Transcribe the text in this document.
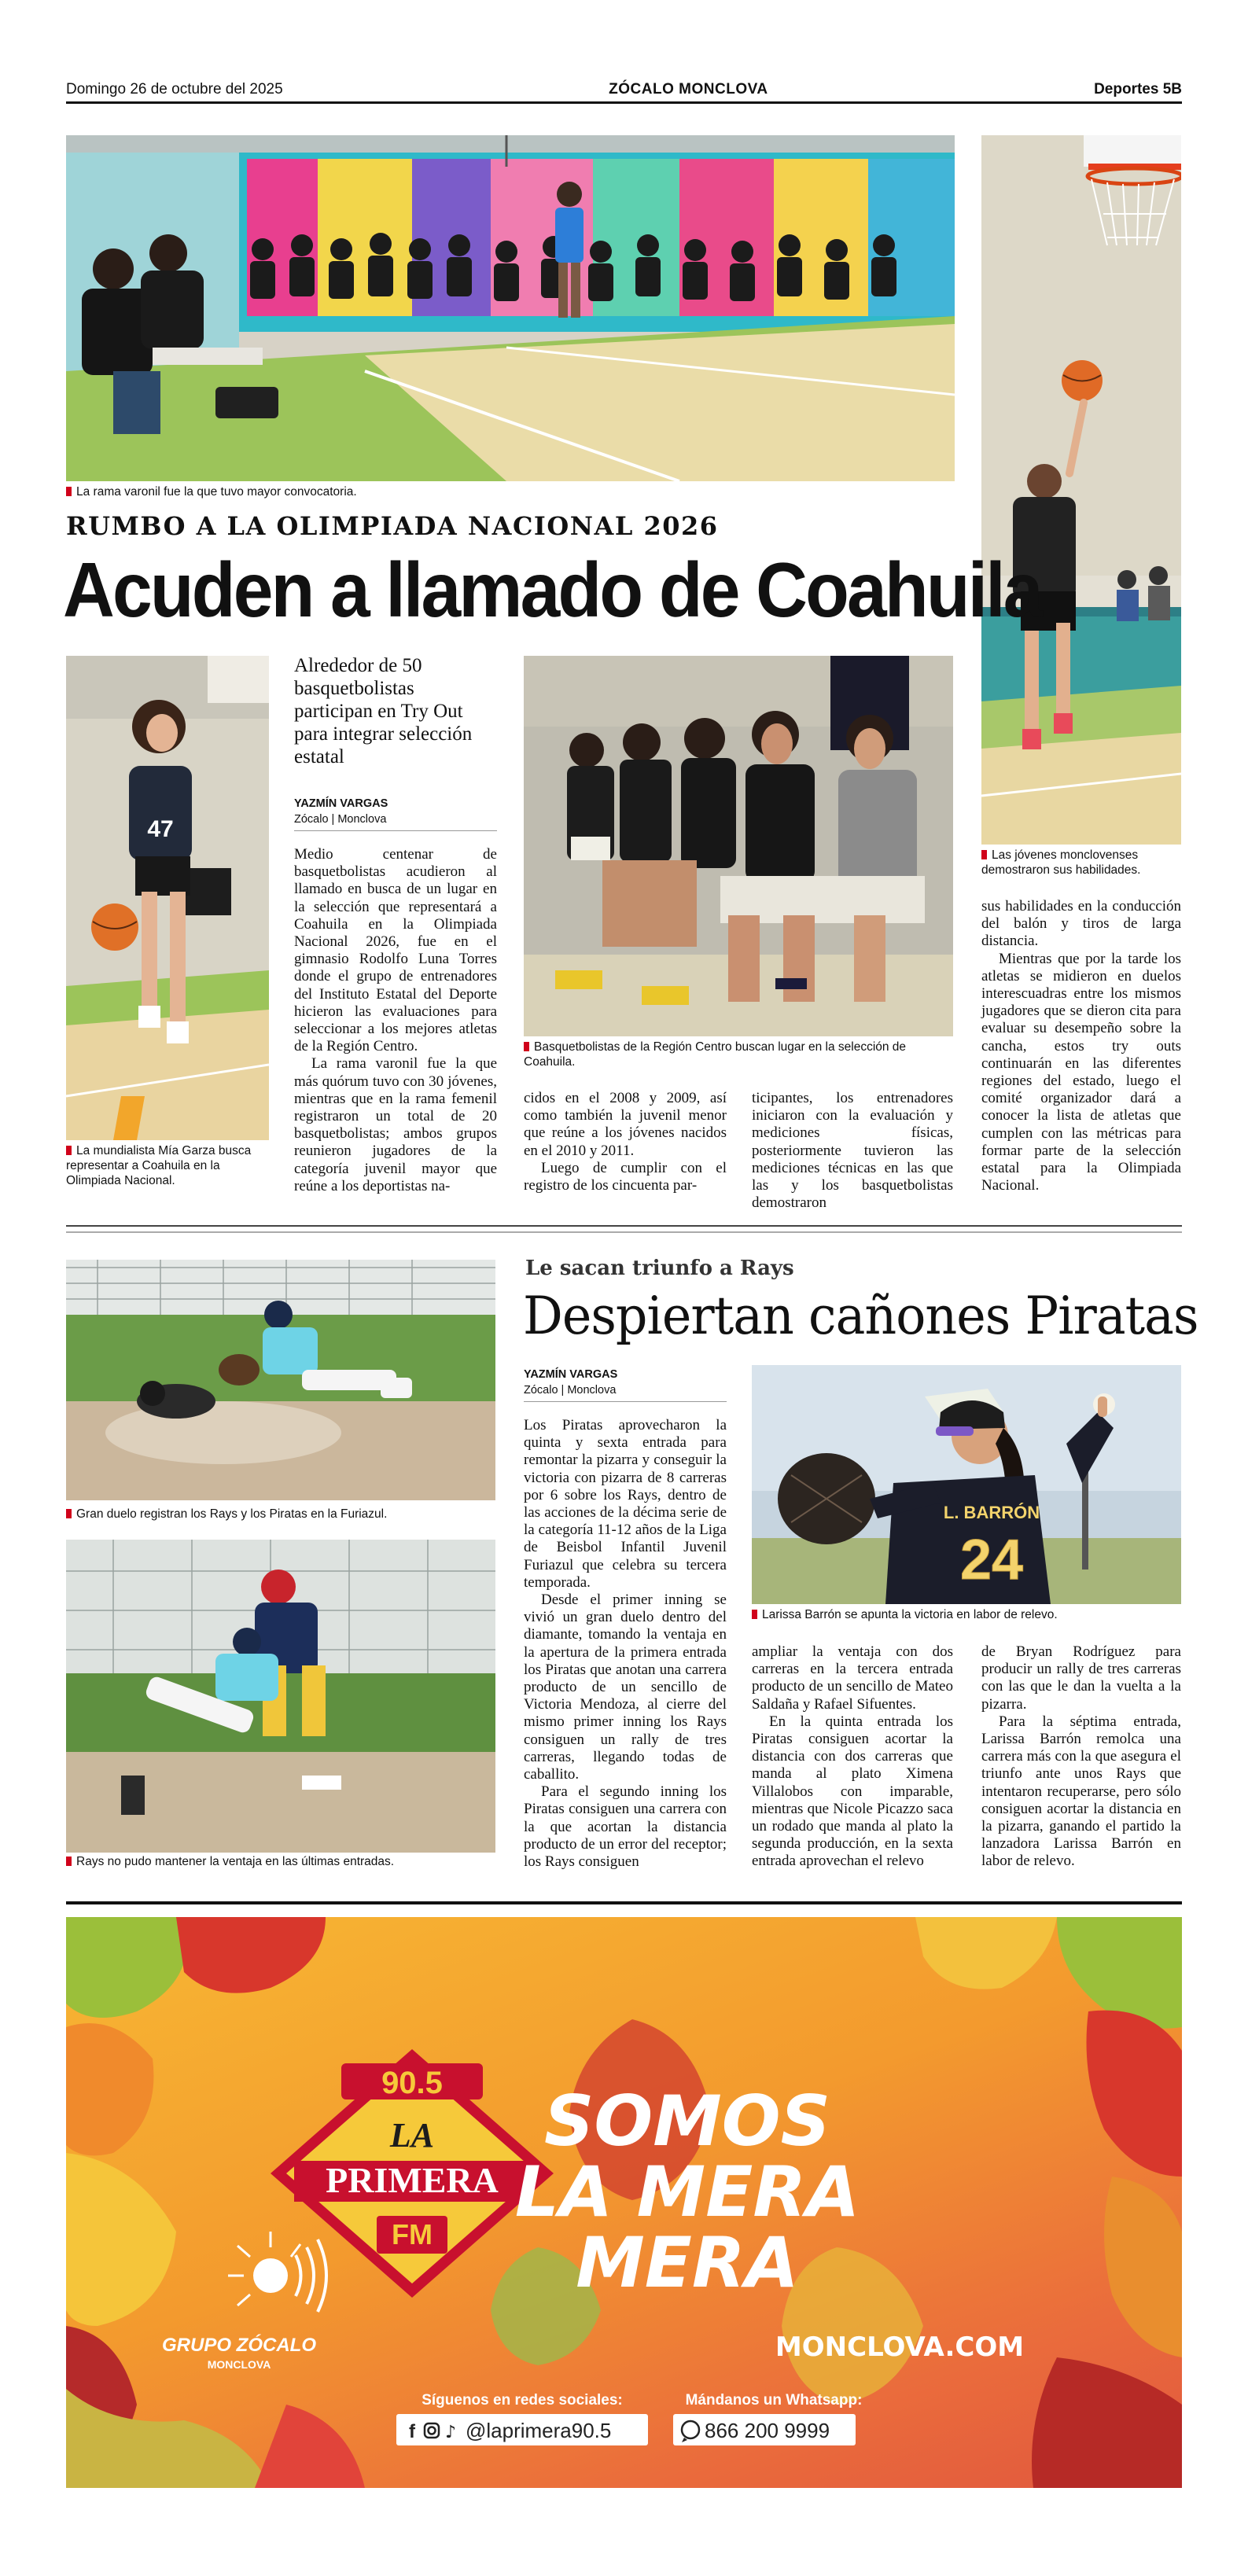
Domingo 26 de octubre del 2025	ZÓCALO MONCLOVA	Deportes 5B
La rama varonil fue la que tuvo mayor convocatoria.
Las jóvenes monclovenses demostraron sus habilidades.
RUMBO A LA OLIMPIADA NACIONAL 2026
Acuden a llamado de Coahuila
47
La mundialista Mía Garza busca representar a Coahuila en la Olimpiada Nacional.
Alrededor de 50 basquetbolistas participan en Try Out para integrar selección estatal
YAZMÍN VARGAS
Zócalo | Monclova

Medio centenar de basquetbolistas acudieron al llamado en busca de un lugar en la selección que representará a Coahuila en la Olimpiada Nacional 2026, fue en el gimnasio Rodolfo Luna Torres donde el grupo de entrenadores del Instituto Estatal del Deporte hicieron las evaluaciones para seleccionar a los mejores atletas de la Región Centro.

La rama varonil fue la que más quórum tuvo con 30 jóvenes, mientras que en la rama femenil registraron un total de 20 basquetbolistas; ambos grupos reunieron jugadores de la categoría juvenil mayor que reúne a los deportistas na-

Basquetbolistas de la Región Centro buscan lugar en la selección de Coahuila.

cidos en el 2008 y 2009, así como también la juvenil menor que reúne a los jóvenes nacidos en el 2010 y 2011.

Luego de cumplir con el registro de los cincuenta par-

ticipantes, los entrenadores iniciaron con la evaluación y mediciones físicas, posteriormente tuvieron las mediciones técnicas en las que las y los basquetbolistas demostraron

sus habilidades en la conducción del balón y tiros de larga distancia.

Mientras que por la tarde los atletas se midieron en duelos interescuadras entre los mismos jugadores que se dieron cita para evaluar su desempeño sobre la cancha, estos try outs continuarán en las diferentes regiones del estado, luego el comité organizador dará a conocer la lista de atletas que cumplen con las métricas para formar parte de la selección estatal para la Olimpiada Nacional.

Gran duelo registran los Rays y los Piratas en la Furiazul.
Rays no pudo mantener la ventaja en las últimas entradas.
Le sacan triunfo a Rays
Despiertan cañones Piratas
YAZMÍN VARGAS
Zócalo | Monclova

Los Piratas aprovecharon la quinta y sexta entrada para remontar la pizarra y conseguir la victoria con pizarra de 8 carreras por 6 sobre los Rays, dentro de las acciones de la décima serie de la categoría 11-12 años de la Liga de Beisbol Infantil Juvenil Furiazul que celebra su tercera temporada.

Desde el primer inning se vivió un gran duelo dentro del diamante, tomando la ventaja en la apertura de la primera entrada los Piratas que anotan una carrera producto de un sencillo de Victoria Mendoza, al cierre del mismo primer inning los Rays consiguen un rally de tres carreras, llegando todas de caballito.

Para el segundo inning los Piratas consiguen una carrera con la que acortan la distancia producto de un error del receptor; los Rays consiguen

L. BARRÓN
24
Larissa Barrón se apunta la victoria en labor de relevo.

ampliar la ventaja con dos carreras en la tercera entrada producto de un sencillo de Mateo Saldaña y Rafael Sifuentes.

En la quinta entrada los Piratas consiguen acortar la distancia con dos carreras que manda al plato Ximena Villalobos con imparable, mientras que Nicole Picazzo saca un rodado que manda al plato la segunda producción, en la sexta entrada aprovechan el relevo

de Bryan Rodríguez para producir un rally de tres carreras con las que le dan la vuelta a la pizarra.

Para la séptima entrada, Larissa Barrón remolca una carrera más con la que asegura el triunfo ante unos Rays que intentaron recuperarse, pero sólo consiguen acortar la distancia en la pizarra, ganando el partido la lanzadora Larissa Barrón en labor de relevo.

90.5
LA
PRIMERA
FM
SOMOS
LA MERA
MERA
GRUPO ZÓCALO
MONCLOVA
MONCLOVA.COM
Síguenos en redes sociales:
f ♪ @laprimera90.5
Mándanos un Whatsapp:
866 200 9999
